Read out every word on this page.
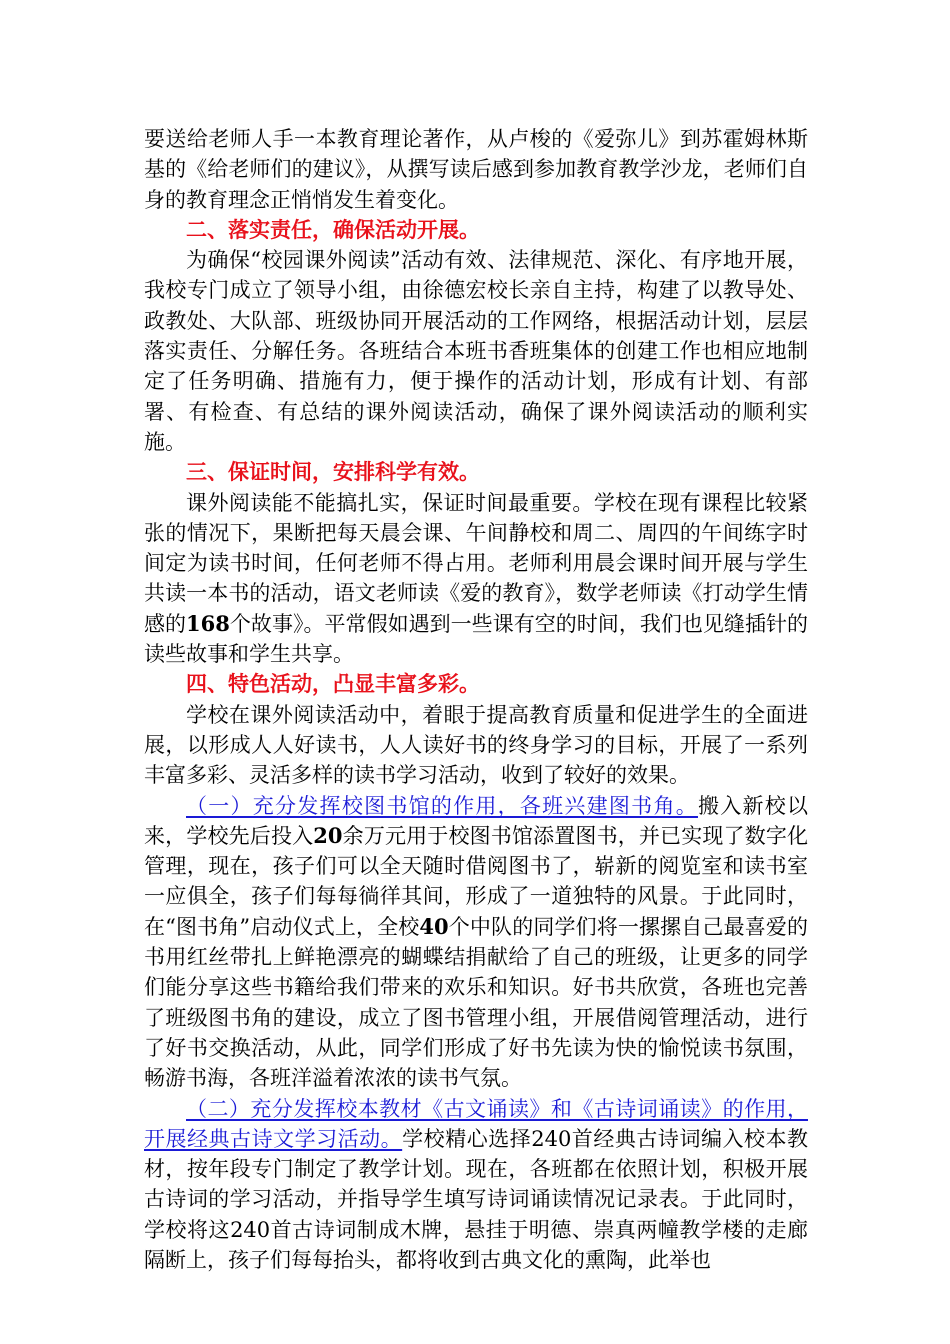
要送给老师人手一本教育理论著作，从卢梭的《爱弥儿》到苏霍姆林斯基的《给老师们的建议》，从撰写读后感到参加教育教学沙龙，老师们自身的教育理念正悄悄发生着变化。

二、落实责任，确保活动开展。

为确保“校园课外阅读”活动有效、法律规范、深化、有序地开展，我校专门成立了领导小组，由徐德宏校长亲自主持，构建了以教导处、政教处、大队部、班级协同开展活动的工作网络，根据活动计划，层层落实责任、分解任务。各班结合本班书香班集体的创建工作也相应地制定了任务明确、措施有力，便于操作的活动计划，形成有计划、有部署、有检查、有总结的课外阅读活动，确保了课外阅读活动的顺利实施。

三、保证时间，安排科学有效。

课外阅读能不能搞扎实，保证时间最重要。学校在现有课程比较紧张的情况下，果断把每天晨会课、午间静校和周二、周四的午间练字时间定为读书时间，任何老师不得占用。老师利用晨会课时间开展与学生共读一本书的活动，语文老师读《爱的教育》，数学老师读《打动学生情感的168个故事》。平常假如遇到一些课有空的时间，我们也见缝插针的读些故事和学生共享。

四、特色活动，凸显丰富多彩。

学校在课外阅读活动中，着眼于提高教育质量和促进学生的全面进展，以形成人人好读书，人人读好书的终身学习的目标，开展了一系列丰富多彩、灵活多样的读书学习活动，收到了较好的效果。

（一）充分发挥校图书馆的作用，各班兴建图书角。搬入新校以来，学校先后投入20余万元用于校图书馆添置图书，并已实现了数字化管理，现在，孩子们可以全天随时借阅图书了，崭新的阅览室和读书室一应俱全，孩子们每每徜徉其间，形成了一道独特的风景。于此同时，在“图书角”启动仪式上，全校40个中队的同学们将一摞摞自己最喜爱的书用红丝带扎上鲜艳漂亮的蝴蝶结捐献给了自己的班级，让更多的同学们能分享这些书籍给我们带来的欢乐和知识。好书共欣赏，各班也完善了班级图书角的建设，成立了图书管理小组，开展借阅管理活动，进行了好书交换活动，从此，同学们形成了好书先读为快的愉悦读书氛围，畅游书海，各班洋溢着浓浓的读书气氛。

（二）充分发挥校本教材《古文诵读》和《古诗词诵读》的作用，开展经典古诗文学习活动。学校精心选择240首经典古诗词编入校本教材，按年段专门制定了教学计划。现在，各班都在依照计划，积极开展古诗词的学习活动，并指导学生填写诗词诵读情况记录表。于此同时，学校将这240首古诗词制成木牌，悬挂于明德、崇真两幢教学楼的走廊隔断上，孩子们每每抬头，都将收到古典文化的熏陶，此举也
